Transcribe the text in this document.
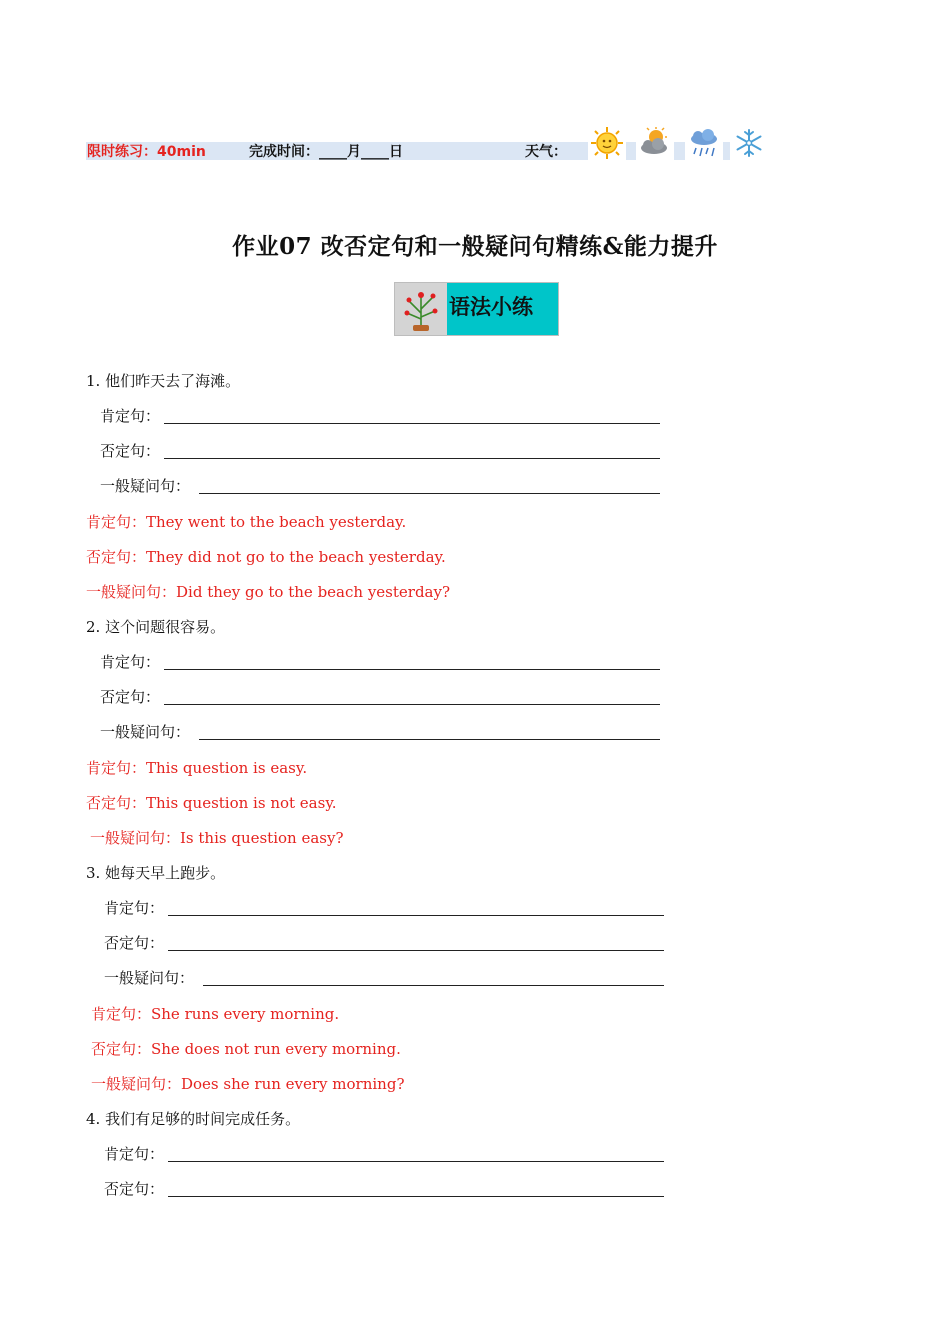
限时练习：40min	完成时间：____月____日	天气：
作业07 改否定句和一般疑问句精练&能力提升
语法小练
1. 他们昨天去了海滩。
肯定句：
否定句：
一般疑问句：
肯定句：They went to the beach yesterday.
否定句：They did not go to the beach yesterday.
一般疑问句：Did they go to the beach yesterday?
2. 这个问题很容易。
肯定句：
否定句：
一般疑问句：
肯定句：This question is easy.
否定句：This question is not easy.
一般疑问句：Is this question easy?
3. 她每天早上跑步。
肯定句：
否定句：
一般疑问句：
肯定句：She runs every morning.
否定句：She does not run every morning.
一般疑问句：Does she run every morning?
4. 我们有足够的时间完成任务。
肯定句：
否定句：
